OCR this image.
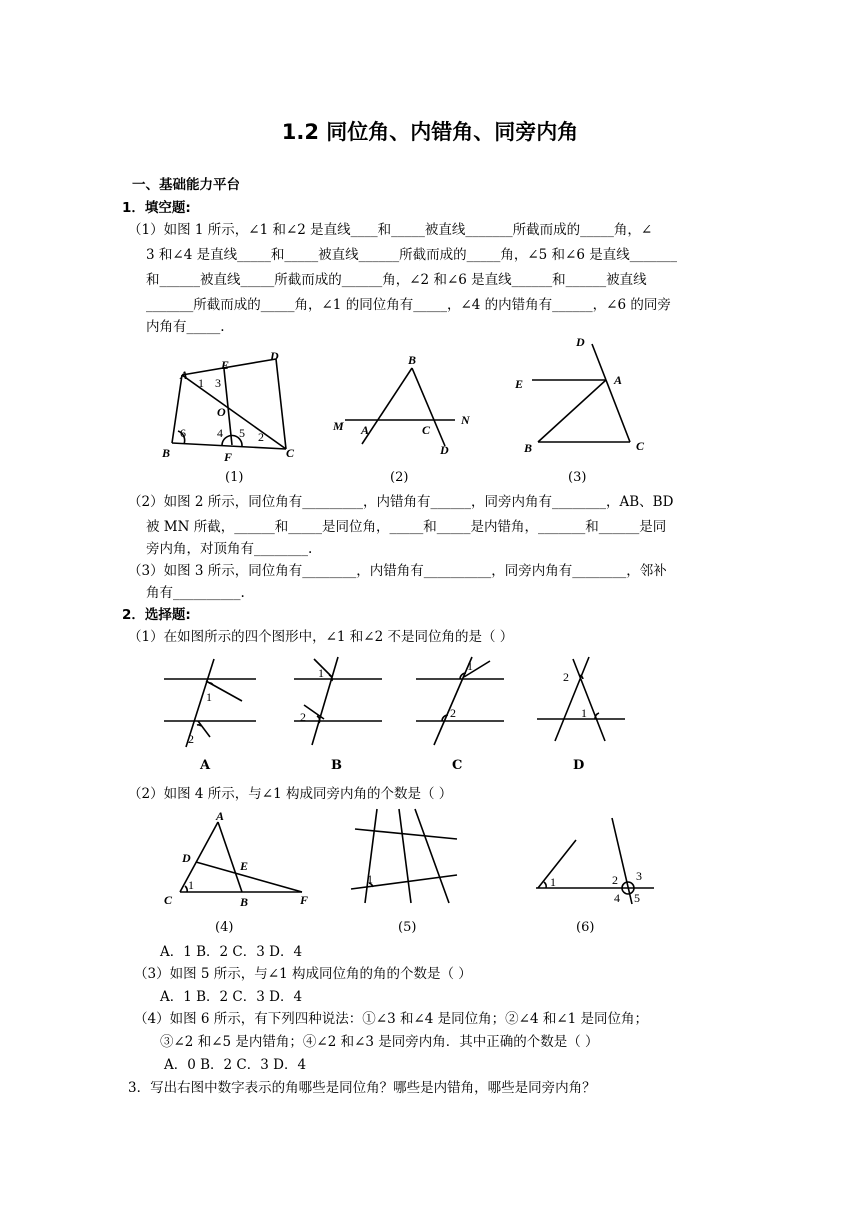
1.2 同位角、内错角、同旁内角
一、基础能力平台
1．填空题:
（1）如图 1 所示，∠1 和∠2 是直线____和_____被直线_______所截而成的_____角，∠
3 和∠4 是直线_____和_____被直线______所截而成的_____角，∠5 和∠6 是直线_______
和______被直线_____所截而成的______角，∠2 和∠6 是直线______和______被直线
_______所截而成的_____角，∠1 的同位角有_____，∠4 的内错角有______，∠6 的同旁
内角有_____.
A
D
E
B	F	C
O
1 3
4 5 2
6
B
M A	C
N
D
D
E	A
B	C
(1)	(2)	(3)
（2）如图 2 所示，同位角有_________，内错角有______，同旁内角有________，AB、BD
被 MN 所截，______和_____是同位角，_____和_____是内错角，_______和______是同
旁内角，对顶角有________.
（3）如图 3 所示，同位角有________，内错角有__________，同旁内角有________，邻补
角有__________.
2．选择题:
（1）在如图所示的四个图形中，∠1 和∠2 不是同位角的是（ ）
1
2
1
2
1
2
2
1
A	B	C	D
（2）如图 4 所示，与∠1 构成同旁内角的个数是（ ）
A
D
E
C	B	F
1	1	1	2 3
4 5
(4)	(5)	(6)
A．1 B．2 C．3 D．4
（3）如图 5 所示，与∠1 构成同位角的角的个数是（ ）
A．1 B．2 C．3 D．4
（4）如图 6 所示，有下列四种说法：①∠3 和∠4 是同位角；②∠4 和∠1 是同位角；
③∠2 和∠5 是内错角；④∠2 和∠3 是同旁内角．其中正确的个数是（ ）
A．0 B．2 C．3 D．4
3．写出右图中数字表示的角哪些是同位角？哪些是内错角，哪些是同旁内角？
